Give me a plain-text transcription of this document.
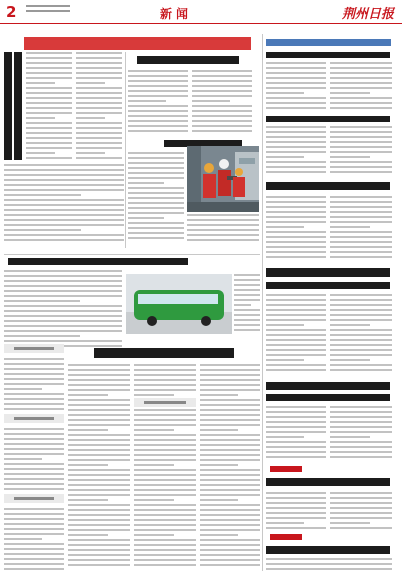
2	新闻	荆州日报
